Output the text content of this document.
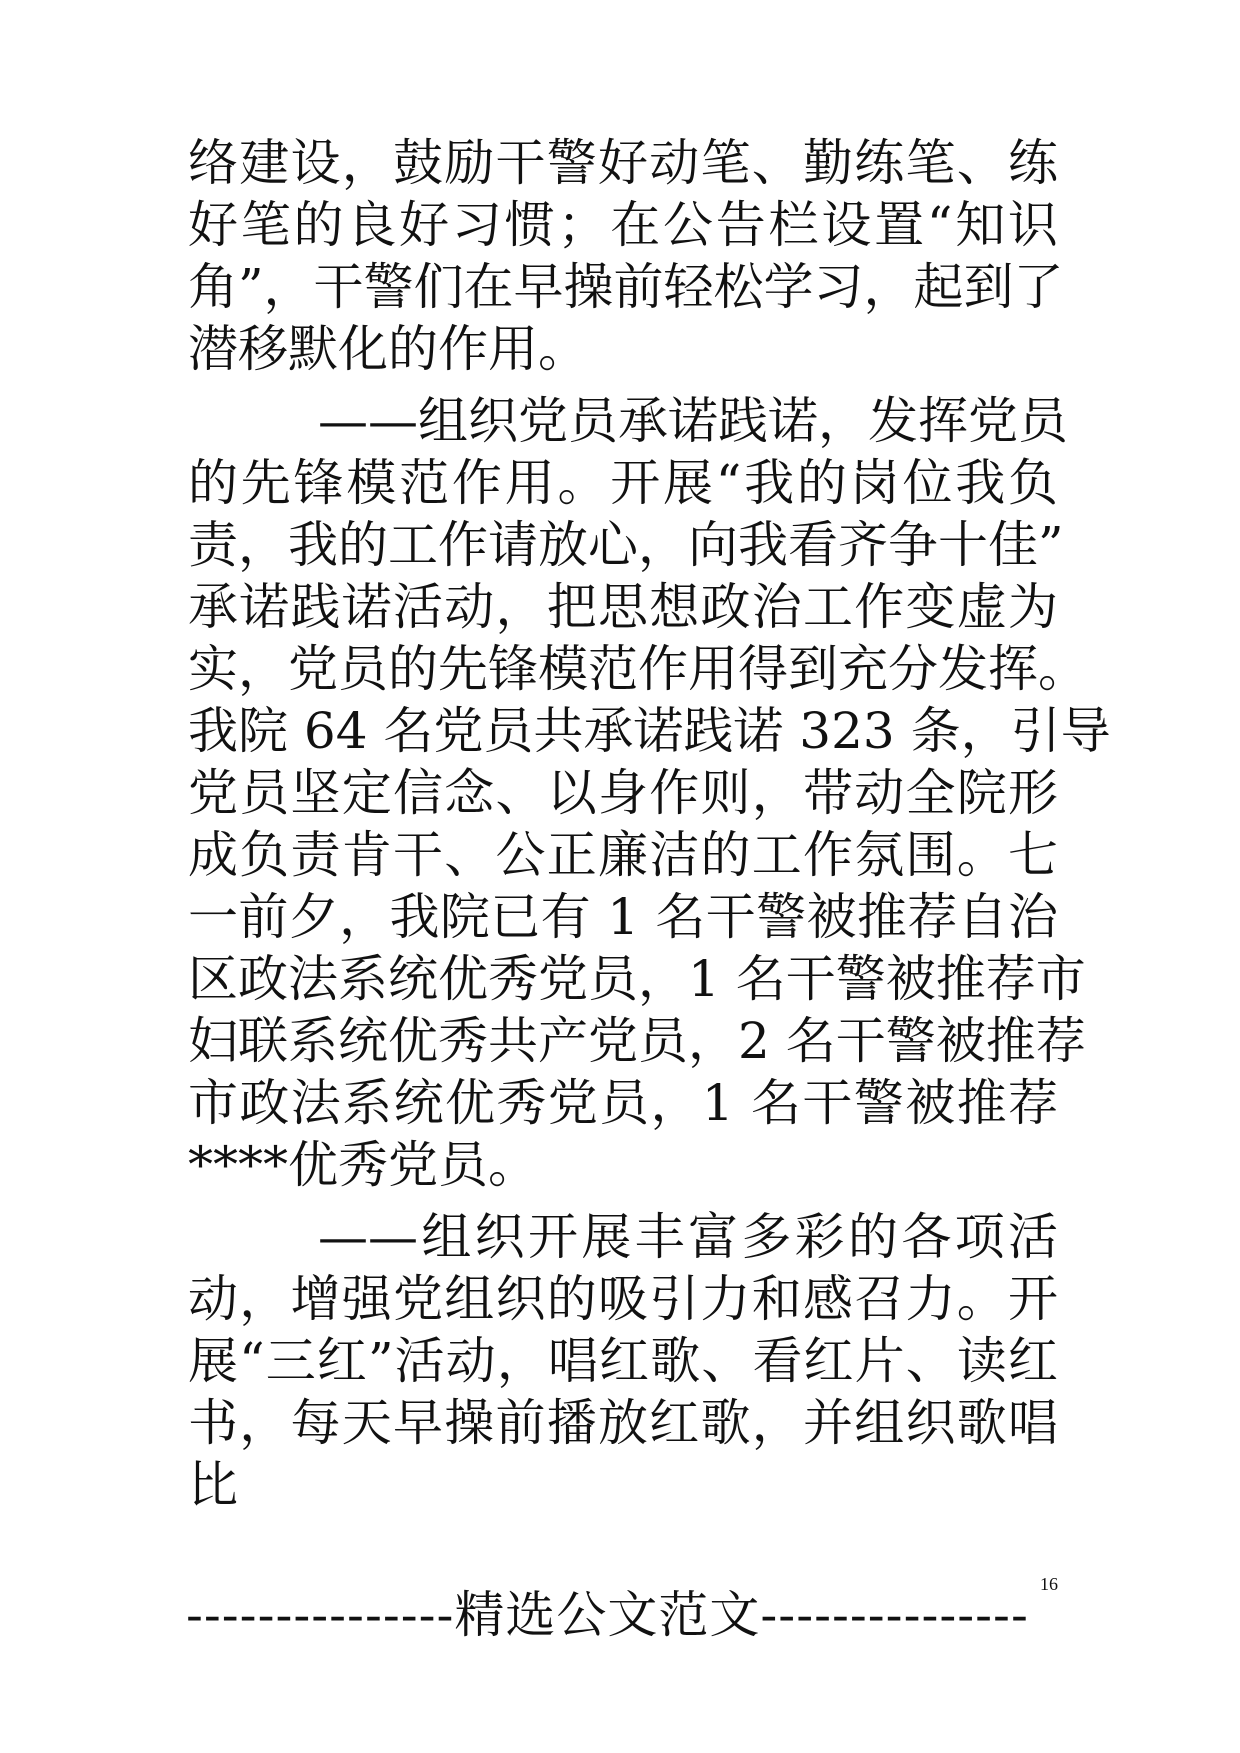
络建设，鼓励干警好动笔、勤练笔、练
好笔的良好习惯；在公告栏设置“知识
角”，干警们在早操前轻松学习，起到了
潜移默化的作用。
——组织党员承诺践诺，发挥党员
的先锋模范作用。开展“我的岗位我负
责，我的工作请放心，向我看齐争十佳”
承诺践诺活动，把思想政治工作变虚为
实，党员的先锋模范作用得到充分发挥。
我院 64 名党员共承诺践诺 323 条，引导
党员坚定信念、以身作则，带动全院形
成负责肯干、公正廉洁的工作氛围。七
一前夕，我院已有 1 名干警被推荐自治
区政法系统优秀党员，1 名干警被推荐市
妇联系统优秀共产党员，2 名干警被推荐
市政法系统优秀党员，1 名干警被推荐
****优秀党员。
——组织开展丰富多彩的各项活
动，增强党组织的吸引力和感召力。开
展“三红”活动，唱红歌、看红片、读红
书，每天早操前播放红歌，并组织歌唱
比
---------------精选公文范文---------------
16
